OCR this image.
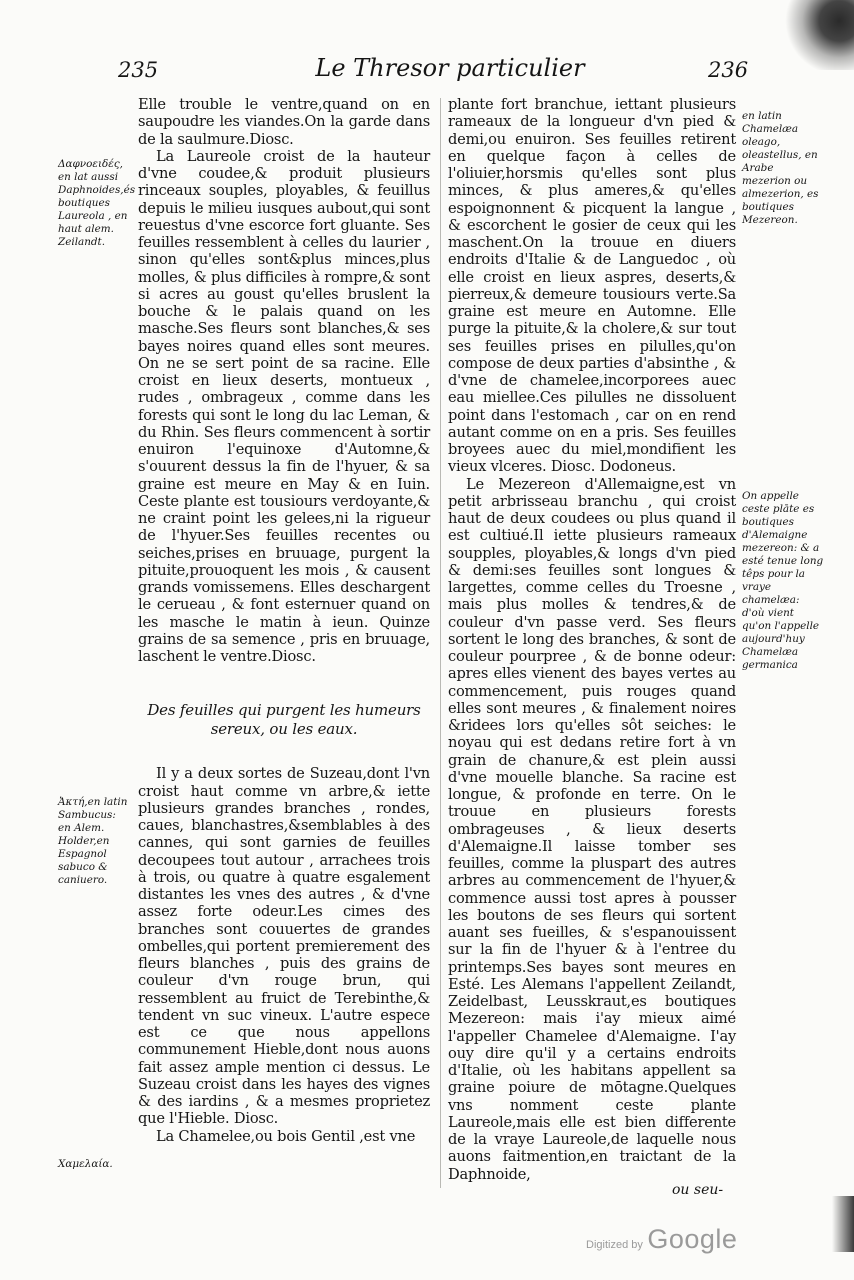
235	Le Thresor particulier	236

Elle trouble le ventre,quand on en saupoudre les viandes.On la garde dans de la saulmure.Diosc.

La Laureole croist de la hauteur d'vne coudee,& produit plusieurs rinceaux souples, ployables, & feuillus depuis le milieu iusques aubout,qui sont reuestus d'vne escorce fort gluante. Ses feuilles ressemblent à celles du laurier , sinon qu'elles sont&plus minces,plus molles, & plus difficiles à rompre,& sont si acres au goust qu'elles bruslent la bouche & le palais quand on les masche.Ses fleurs sont blanches,& ses bayes noires quand elles sont meures. On ne se sert point de sa racine. Elle croist en lieux deserts, montueux , rudes , ombrageux , comme dans les forests qui sont le long du lac Leman, & du Rhin. Ses fleurs commencent à sortir enuiron l'equinoxe d'Automne,& s'ouurent dessus la fin de l'hyuer, & sa graine est meure en May & en Iuin. Ceste plante est tousiours verdoyante,& ne craint point les gelees,ni la rigueur de l'hyuer.Ses feuilles recentes ou seiches,prises en bruuage, purgent la pituite,prouoquent les mois , & causent grands vomissemens. Elles deschargent le cerueau , & font esternuer quand on les masche le matin à ieun. Quinze grains de sa semence , pris en bruuage, laschent le ventre.Diosc.

Des feuilles qui purgent les humeurs sereux, ou les eaux.

Il y a deux sortes de Suzeau,dont l'vn croist haut comme vn arbre,& iette plusieurs grandes branches , rondes, caues, blanchastres,&semblables à des cannes, qui sont garnies de feuilles decoupees tout autour , arrachees trois à trois, ou quatre à quatre esgalement distantes les vnes des autres , & d'vne assez forte odeur.Les cimes des branches sont couuertes de grandes ombelles,qui portent premierement des fleurs blanches , puis des grains de couleur d'vn rouge brun, qui ressemblent au fruict de Terebinthe,& tendent vn suc vineux. L'autre espece est ce que nous appellons communement Hieble,dont nous auons fait assez ample mention ci dessus. Le Suzeau croist dans les hayes des vignes & des iardins , & a mesmes proprietez que l'Hieble. Diosc.

La Chamelee,ou bois Gentil ,est vne

plante fort branchue, iettant plusieurs rameaux de la longueur d'vn pied & demi,ou enuiron. Ses feuilles retirent en quelque façon à celles de l'oliuier,horsmis qu'elles sont plus minces, & plus ameres,& qu'elles espoignonnent & picquent la langue , & escorchent le gosier de ceux qui les maschent.On la trouue en diuers endroits d'Italie & de Languedoc , où elle croist en lieux aspres, deserts,& pierreux,& demeure tousiours verte.Sa graine est meure en Automne. Elle purge la pituite,& la cholere,& sur tout ses feuilles prises en pilulles,qu'on compose de deux parties d'absinthe , & d'vne de chamelee,incorporees auec eau miellee.Ces pilulles ne dissoluent point dans l'estomach , car on en rend autant comme on en a pris. Ses feuilles broyees auec du miel,mondifient les vieux vlceres. Diosc. Dodoneus.

Le Mezereon d'Allemaigne,est vn petit arbrisseau branchu , qui croist haut de deux coudees ou plus quand il est cultiué.Il iette plusieurs rameaux soupples, ployables,& longs d'vn pied & demi:ses feuilles sont longues & largettes, comme celles du Troesne , mais plus molles & tendres,& de couleur d'vn passe verd. Ses fleurs sortent le long des branches, & sont de couleur pourpree , & de bonne odeur: apres elles vienent des bayes vertes au commencement, puis rouges quand elles sont meures , & finalement noires &ridees lors qu'elles sôt seiches: le noyau qui est dedans retire fort à vn grain de chanure,& est plein aussi d'vne mouelle blanche. Sa racine est longue, & profonde en terre. On le trouue en plusieurs forests ombrageuses , & lieux deserts d'Alemaigne.Il laisse tomber ses feuilles, comme la pluspart des autres arbres au commencement de l'hyuer,& commence aussi tost apres à pousser les boutons de ses fleurs qui sortent auant ses fueilles, & s'espanouissent sur la fin de l'hyuer & à l'entree du printemps.Ses bayes sont meures en Esté. Les Alemans l'appellent Zeilandt, Zeidelbast, Leusskraut,es boutiques Mezereon: mais i'ay mieux aimé l'appeller Chamelee d'Alemaigne. I'ay ouy dire qu'il y a certains endroits d'Italie, où les habitans appellent sa graine poiure de mōtagne.Quelques vns nomment ceste plante Laureole,mais elle est bien differente de la vraye Laureole,de laquelle nous auons faitmention,en traictant de la Daphnoide,

Δαφνοειδές, en lat aussi Daphnoides,és boutiques Laureola , en haut alem. Zeilandt.
Ἀκτή,en latin Sambucus: en Alem. Holder,en Espagnol sabuco & caniuero.
Χαμελαία.
en latin Chamelæa oleago, oleastellus, en Arabe mezerion ou almezerion, es boutiques Mezereon.
On appelle ceste plāte es boutiques d'Alemaigne mezereon: & a esté tenue long têps pour la vraye chamelæa: d'où vient qu'on l'appelle aujourd'huy Chamelæa germanica
ou seu-
Digitized by Google
